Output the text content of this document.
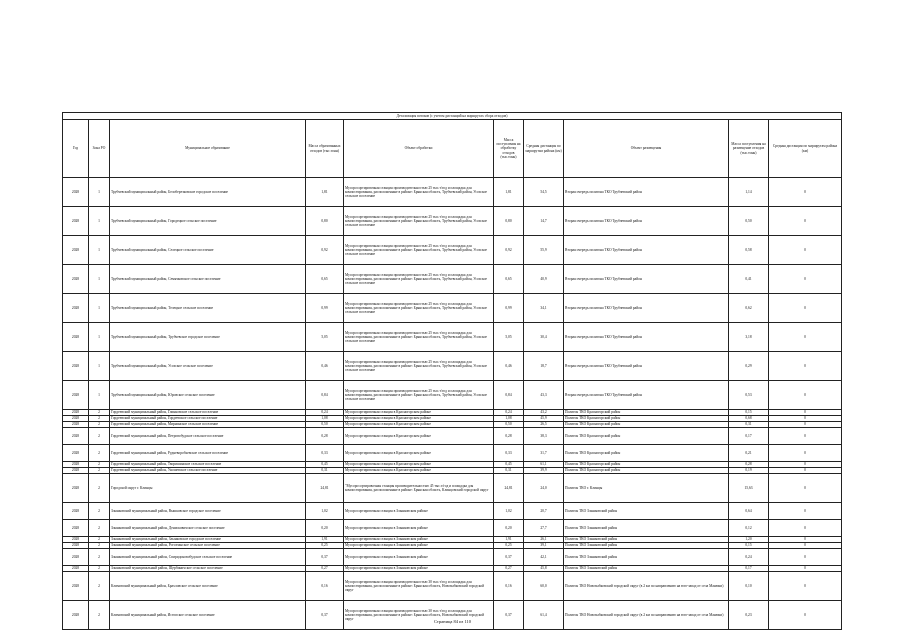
Детализация потоков (с учетом дистанций на маршрутах сбора отходов)									
Год	Зона РО	Муниципальное образование	Масса образованных отходов (тыс.тонн)	Объект обработки	Масса поступления на обработку отходов (тыс.тонн)	Средняя дистанция по маршрутам района (км)	Объект размещения	Масса поступления на размещение отходов (тыс.тонн)	Средняя дистанция по маршрутам района (км)
2028	1	Трубчевский муниципальный район, Белоберезковское городское поселение	1,81	Мусоросортировочная станция производительностью 25 тыс.т/год и площадка для компостирования, расположенные в районе: Брянская область, Трубчевский район, Усохское сельское поселение	1,81	54,5	Вторая очередь полигона ТКО Трубчевский район	1,14	0
2028	1	Трубчевский муниципальный район, Городецкое сельское поселение	0,80	Мусоросортировочная станция производительностью 25 тыс.т/год и площадка для компостирования, расположенные в районе: Брянская область, Трубчевский район, Усохское сельское поселение	0,80	14,7	Вторая очередь полигона ТКО Трубчевский район	0,50	0
2028	1	Трубчевский муниципальный район, Селецкое сельское поселение	0,92	Мусоросортировочная станция производительностью 25 тыс.т/год и площадка для компостирования, расположенные в районе: Брянская область, Трубчевский район, Усохское сельское поселение	0,92	55,9	Вторая очередь полигона ТКО Трубчевский район	0,58	0
2028	1	Трубчевский муниципальный район, Семячковское сельское поселение	0,65	Мусоросортировочная станция производительностью 25 тыс.т/год и площадка для компостирования, расположенные в районе: Брянская область, Трубчевский район, Усохское сельское поселение	0,65	40,9	Вторая очередь полигона ТКО Трубчевский район	0,41	0
2028	1	Трубчевский муниципальный район, Телецкое сельское поселение	0,99	Мусоросортировочная станция производительностью 25 тыс.т/год и площадка для компостирования, расположенные в районе: Брянская область, Трубчевский район, Усохское сельское поселение	0,99	34,1	Вторая очередь полигона ТКО Трубчевский район	0,62	0
2028	1	Трубчевский муниципальный район, Трубчевское городское поселение	5,05	Мусоросортировочная станция производительностью 25 тыс.т/год и площадка для компостирования, расположенные в районе: Брянская область, Трубчевский район, Усохское сельское поселение	5,05	30,4	Вторая очередь полигона ТКО Трубчевский район	3,18	0
2028	1	Трубчевский муниципальный район, Усохское сельское поселение	0,46	Мусоросортировочная станция производительностью 25 тыс.т/год и площадка для компостирования, расположенные в районе: Брянская область, Трубчевский район, Усохское сельское поселение	0,46	18,7	Вторая очередь полигона ТКО Трубчевский район	0,29	0
2028	1	Трубчевский муниципальный район, Юровское сельское поселение	0,84	Мусоросортировочная станция производительностью 25 тыс.т/год и площадка для компостирования, расположенные в районе: Брянская область, Трубчевский район, Усохское сельское поселение	0,84	43,3	Вторая очередь полигона ТКО Трубчевский район	0,53	0
2028	2	Гордеевский муниципальный район, Глинновское сельское поселение	0,24	Мусоросортировочная станция в Красногорском районе	0,24	43,2	Полигон ТКО Красногорский район	0,15	0
2028	2	Гордеевский муниципальный район, Гордеевское сельское поселение	1,08	Мусоросортировочная станция в Красногорском районе	1,08	45,9	Полигон ТКО Красногорский район	0,68	0
2028	2	Гордеевский муниципальный район, Мирнинское сельское поселение	0,50	Мусоросортировочная станция в Красногорском районе	0,50	26,5	Полигон ТКО Красногорский район	0,31	0
2028	2	Гордеевский муниципальный район, Петровобудское сельское поселение	0,28	Мусоросортировочная станция в Красногорском районе	0,28	38,3	Полигон ТКО Красногорский район	0,17	0
2028	2	Гордеевский муниципальный район, Рудневоробьевское сельское поселение	0,33	Мусоросортировочная станция в Красногорском районе	0,33	31,7	Полигон ТКО Красногорский район	0,21	0
2028	2	Гордеевский муниципальный район, Творишинское сельское поселение	0,45	Мусоросортировочная станция в Красногорском районе	0,45	61,1	Полигон ТКО Красногорский район	0,28	0
2028	2	Гордеевский муниципальный район, Уношевское сельское поселение	0,31	Мусоросортировочная станция в Красногорском районе	0,31	39,9	Полигон ТКО Красногорский район	0,19	0
2028	2	Городской округ г. Клинцы	24,81	"Мусоросортировочная станция производительностью 45 тыс.т/год и площадка для компостирования, расположенные в районе: Брянская область, Клинцовский городской округ	24,81	24,0	Полигон ТКО г. Клинцы	15,63	0
2028	2	Злынковский муниципальный район, Вышковское городское поселение	1,02	Мусоросортировочная станция в Злынковском районе	1,02	20,7	Полигон ТКО Злынковский район	0,64	0
2028	2	Злынковский муниципальный район, Денисковичское сельское поселение	0,20	Мусоросортировочная станция в Злынковском районе	0,20	27,7	Полигон ТКО Злынковский район	0,12	0
2028	2	Злынковский муниципальный район, Злынковское городское поселение	1,91	Мусоросортировочная станция в Злынковском районе	1,91	26,1	Полигон ТКО Злынковский район	1,20	0
2028	2	Злынковский муниципальный район, Рогозчанское сельское поселение	0,25	Мусоросортировочная станция в Злынковском районе	0,25	39,1	Полигон ТКО Злынковский район	0,15	0
2028	2	Злынковский муниципальный район, Спиридоновобудское сельское поселение	0,37	Мусоросортировочная станция в Злынковском районе	0,37	42,1	Полигон ТКО Злынковский район	0,24	0
2028	2	Злынковский муниципальный район, Щербиничское сельское поселение	0,27	Мусоросортировочная станция в Злынковском районе	0,27	45,8	Полигон ТКО Злынковский район	0,17	0
2028	2	Климовский муниципальный район, Брахловское сельское поселение	0,16	Мусоросортировочная станция производительностью 30 тыс.т/год и площадка для компостирования, расположенные в районе: Брянская область, Новозыбковский городской округ	0,16	60,0	Полигон ТКО Новозыбковский городской округ (в 2 км по направлению на юго-запад от села Манюки)	0,10	0
2028	2	Климовский муниципальный район, Истопское сельское поселение	0,37	Мусоросортировочная станция производительностью 30 тыс.т/год и площадка для компостирования, расположенные в районе: Брянская область, Новозыбковский городской округ	0,37	61,4	Полигон ТКО Новозыбковский городской округ (в 2 км по направлению на юго-запад от села Манюки)	0,23	0
Страница 84 из 110
